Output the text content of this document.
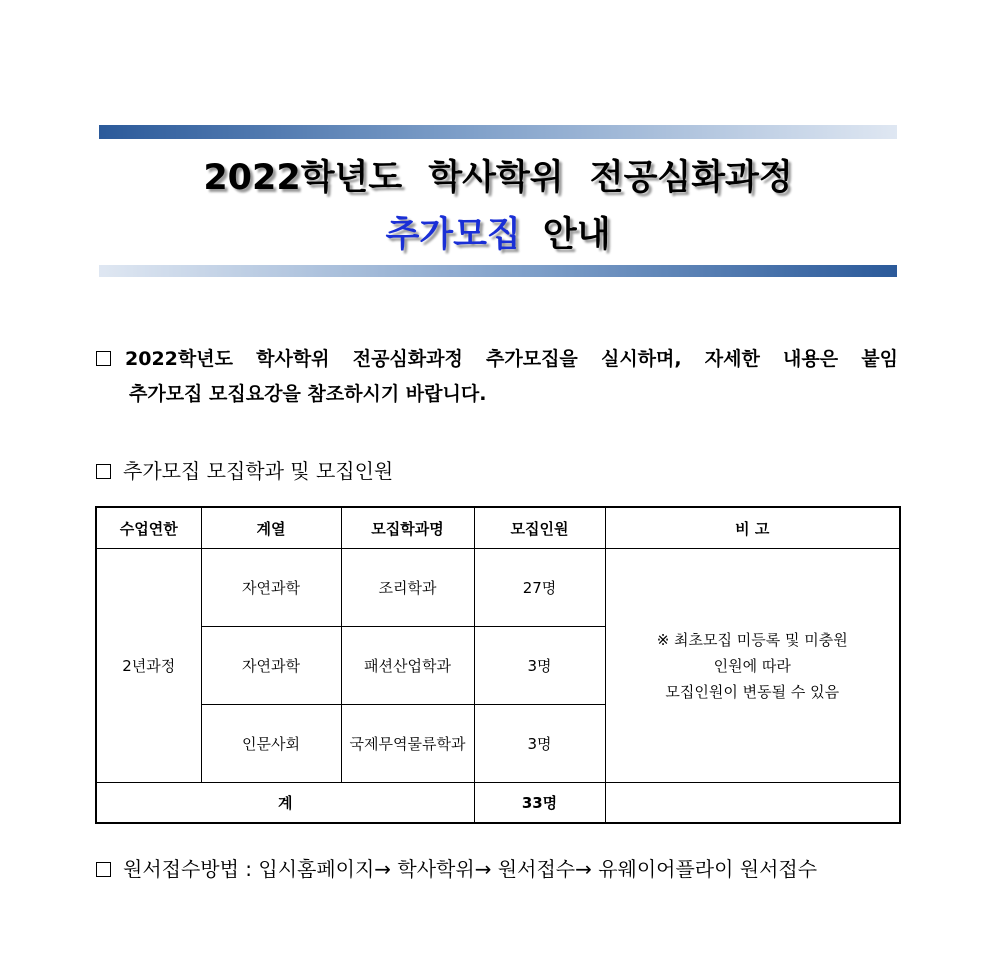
2022학년도 학사학위 전공심화과정
추가모집 안내
2022학년도 학사학위 전공심화과정 추가모집을 실시하며, 자세한 내용은 붙임
추가모집 모집요강을 참조하시기 바랍니다.
추가모집 모집학과 및 모집인원
수업연한	계열	모집학과명	모집인원	비 고
2년과정	자연과학	조리학과	27명	※ 최초모집 미등록 및 미충원
인원에 따라
모집인원이 변동될 수 있음

	자연과학	패션산업학과	3명	
	인문사회	국제무역물류학과	3명	
계			33명	
원서접수방법 : 입시홈페이지→ 학사학위→ 원서접수→ 유웨이어플라이 원서접수
